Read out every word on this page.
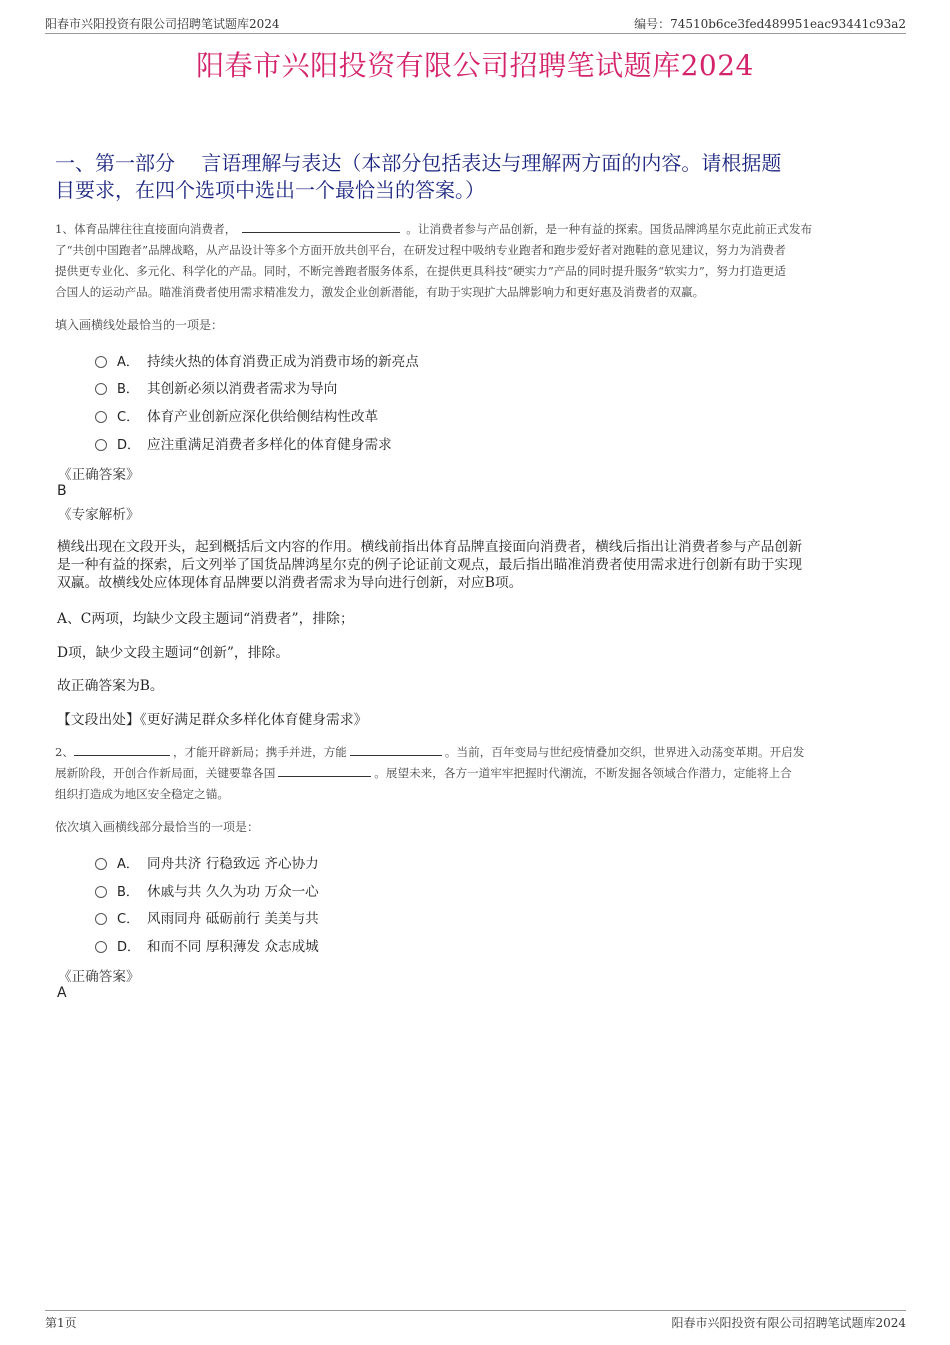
阳春市兴阳投资有限公司招聘笔试题库2024	编号：74510b6ce3fed489951eac93441c93a2
阳春市兴阳投资有限公司招聘笔试题库2024
一、第一部分　 言语理解与表达（本部分包括表达与理解两方面的内容。请根据题
目要求，在四个选项中选出一个最恰当的答案。）
1、体育品牌往往直接面向消费者，	。让消费者参与产品创新，是一种有益的探索。国货品牌鸿星尔克此前正式发布
了“共创中国跑者”品牌战略，从产品设计等多个方面开放共创平台，在研发过程中吸纳专业跑者和跑步爱好者对跑鞋的意见建议，努力为消费者
提供更专业化、多元化、科学化的产品。同时，不断完善跑者服务体系，在提供更具科技“硬实力”产品的同时提升服务“软实力”，努力打造更适
合国人的运动产品。瞄准消费者使用需求精准发力，激发企业创新潜能，有助于实现扩大品牌影响力和更好惠及消费者的双赢。
填入画横线处最恰当的一项是：
A． 持续火热的体育消费正成为消费市场的新亮点
B． 其创新必须以消费者需求为导向
C． 体育产业创新应深化供给侧结构性改革
D． 应注重满足消费者多样化的体育健身需求
《正确答案》
B
《专家解析》
横线出现在文段开头，起到概括后文内容的作用。横线前指出体育品牌直接面向消费者，横线后指出让消费者参与产品创新
是一种有益的探索，后文列举了国货品牌鸿星尔克的例子论证前文观点，最后指出瞄准消费者使用需求进行创新有助于实现
双赢。故横线处应体现体育品牌要以消费者需求为导向进行创新，对应B项。
A、C两项，均缺少文段主题词“消费者”，排除；
D项，缺少文段主题词“创新”，排除。
故正确答案为B。
【文段出处】《更好满足群众多样化体育健身需求》
2、	，才能开辟新局；携手并进，方能	。当前，百年变局与世纪疫情叠加交织，世界进入动荡变革期。开启发
展新阶段，开创合作新局面，关键要靠各国	。展望未来，各方一道牢牢把握时代潮流，不断发掘各领域合作潜力，定能将上合
组织打造成为地区安全稳定之锚。
依次填入画横线部分最恰当的一项是：
A． 同舟共济 行稳致远 齐心协力
B． 休戚与共 久久为功 万众一心
C． 风雨同舟 砥砺前行 美美与共
D． 和而不同 厚积薄发 众志成城
《正确答案》
A
第1页	阳春市兴阳投资有限公司招聘笔试题库2024
